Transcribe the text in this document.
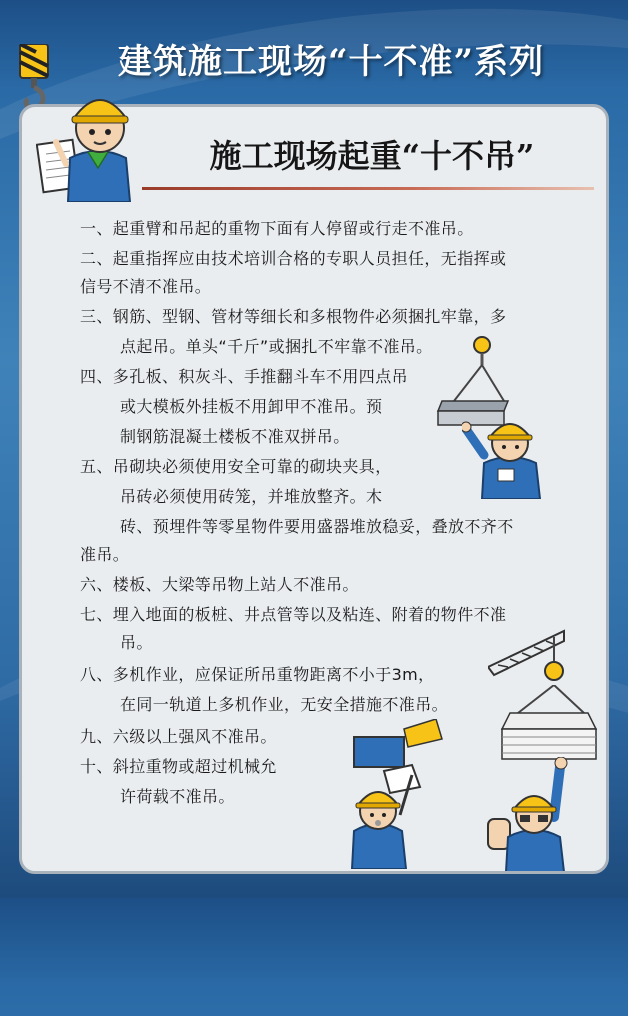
建筑施工现场“十不准”系列
施工现场起重“十不吊”
一、起重臂和吊起的重物下面有人停留或行走不准吊。
二、起重指挥应由技术培训合格的专职人员担任，无指挥或
信号不清不准吊。
三、钢筋、型钢、管材等细长和多根物件必须捆扎牢靠，多
点起吊。单头“千斤”或捆扎不牢靠不准吊。
四、多孔板、积灰斗、手推翻斗车不用四点吊
或大模板外挂板不用卸甲不准吊。预
制钢筋混凝土楼板不准双拼吊。
五、吊砌块必须使用安全可靠的砌块夹具，
吊砖必须使用砖笼，并堆放整齐。木
砖、预埋件等零星物件要用盛器堆放稳妥，叠放不齐不
准吊。
六、楼板、大梁等吊物上站人不准吊。
七、埋入地面的板桩、井点管等以及粘连、附着的物件不准
吊。
八、多机作业，应保证所吊重物距离不小于3m，
在同一轨道上多机作业，无安全措施不准吊。
九、六级以上强风不准吊。
十、斜拉重物或超过机械允
许荷载不准吊。
